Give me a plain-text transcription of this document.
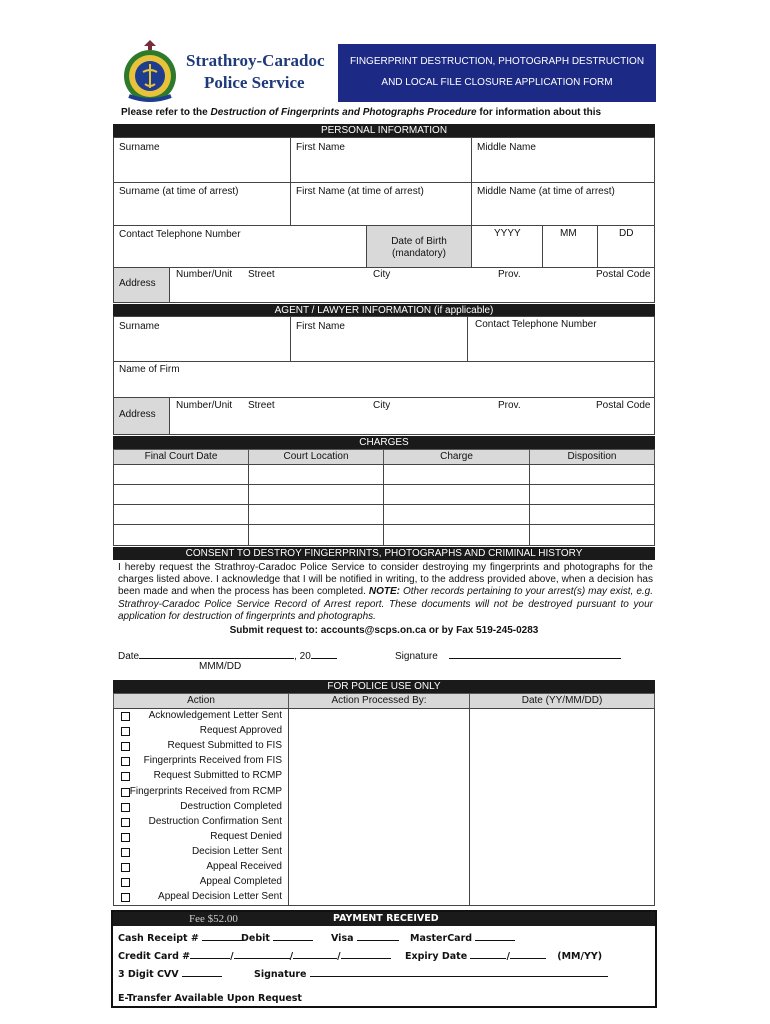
Strathroy-Caradoc
Police Service
FINGERPRINT DESTRUCTION, PHOTOGRAPH DESTRUCTION
AND LOCAL FILE CLOSURE APPLICATION FORM
Please refer to the Destruction of Fingerprints and Photographs Procedure for information about this
PERSONAL INFORMATION
Surname	First Name	Middle Name
Surname (at time of arrest)	First Name (at time of arrest)	Middle Name (at time of arrest)
Contact Telephone Number
Date of Birth
(mandatory)
YYYY	MM	DD
Address
Number/Unit Street	City	Prov.	Postal Code
AGENT / LAWYER INFORMATION (if applicable)
Surname	First Name	Contact Telephone Number
Name of Firm
Address
Number/Unit Street	City	Prov.	Postal Code
CHARGES
Final Court Date	Court Location	Charge	Disposition
CONSENT TO DESTROY FINGERPRINTS, PHOTOGRAPHS AND CRIMINAL HISTORY
I hereby request the Strathroy-Caradoc Police Service to consider destroying my fingerprints and photographs for the charges listed above. I acknowledge that I will be notified in writing, to the address provided above, when a decision has been made and when the process has been completed. NOTE: Other records pertaining to your arrest(s) may exist, e.g. Strathroy-Caradoc Police Service Record of Arrest report. These documents will not be destroyed pursuant to your application for destruction of fingerprints and photographs.
Submit request to: accounts@scps.on.ca or by Fax 519-245-0283
Date	, 20
MMM/DD
Signature
FOR POLICE USE ONLY
Action	Action Processed By:	Date (YY/MM/DD)
Acknowledgement Letter Sent
Request Approved
Request Submitted to FIS
Fingerprints Received from FIS
Request Submitted to RCMP
Fingerprints Received from RCMP
Destruction Completed
Destruction Confirmation Sent
Request Denied
Decision Letter Sent
Appeal Received
Appeal Completed
Appeal Decision Letter Sent
Fee $52.00	PAYMENT RECEIVED
Cash Receipt #	Debit	Visa	MasterCard
Credit Card #	/	/	/	Expiry Date	/	(MM/YY)
3 Digit CVV	Signature
E-Transfer Available Upon Request
